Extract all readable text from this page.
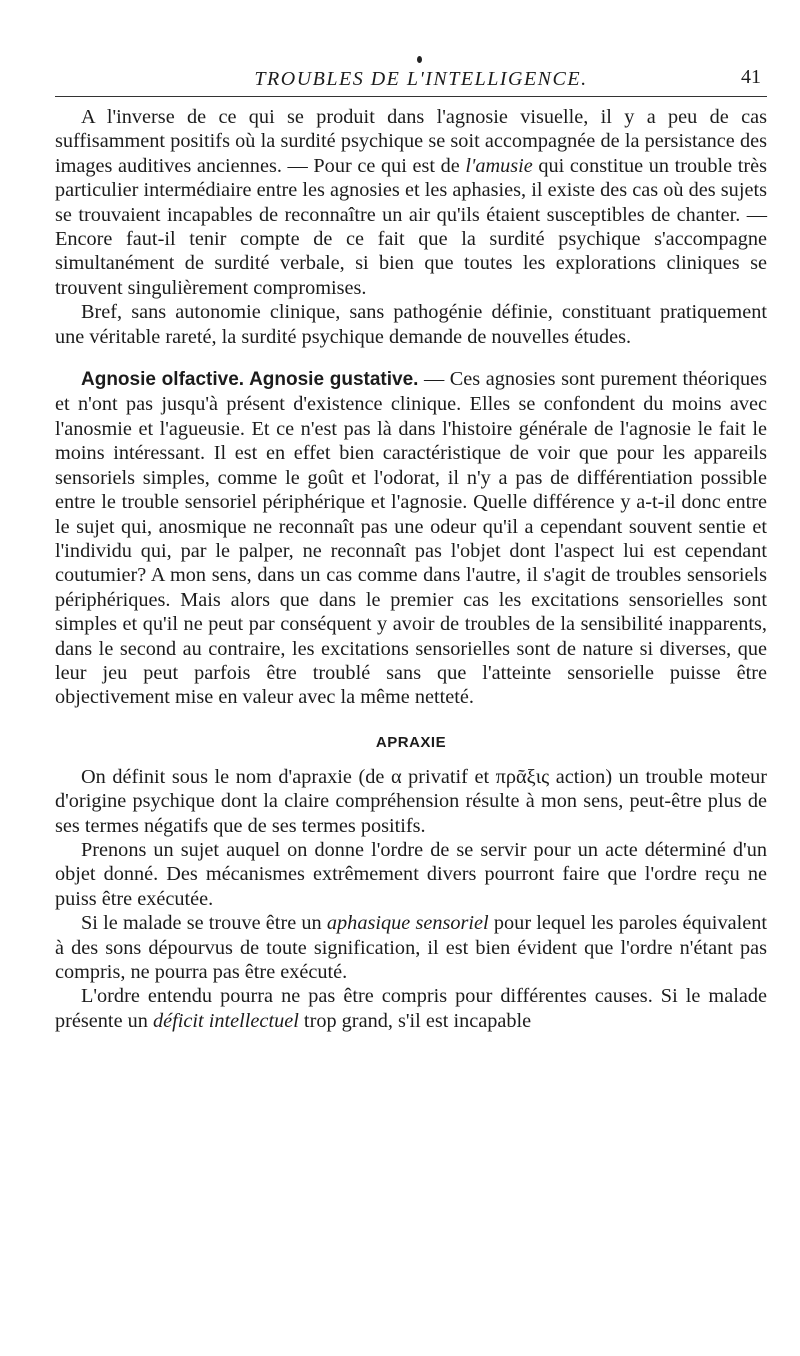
TROUBLES DE L'INTELLIGENCE.	41

A l'inverse de ce qui se produit dans l'agnosie visuelle, il y a peu de cas suffisamment positifs où la surdité psychique se soit accompagnée de la persistance des images auditives anciennes. — Pour ce qui est de l'amusie qui constitue un trouble très particulier intermédiaire entre les agnosies et les aphasies, il existe des cas où des sujets se trouvaient incapables de reconnaître un air qu'ils étaient susceptibles de chanter. — Encore faut-il tenir compte de ce fait que la surdité psychique s'accompagne simultanément de surdité verbale, si bien que toutes les explorations cliniques se trouvent singulièrement compromises.

Bref, sans autonomie clinique, sans pathogénie définie, constituant pratiquement une véritable rareté, la surdité psychique demande de nouvelles études.

Agnosie olfactive. Agnosie gustative. — Ces agnosies sont purement théoriques et n'ont pas jusqu'à présent d'existence clinique. Elles se confondent du moins avec l'anosmie et l'agueusie. Et ce n'est pas là dans l'histoire générale de l'agnosie le fait le moins intéressant. Il est en effet bien caractéristique de voir que pour les appareils sensoriels simples, comme le goût et l'odorat, il n'y a pas de différentiation possible entre le trouble sensoriel périphérique et l'agnosie. Quelle différence y a-t-il donc entre le sujet qui, anosmique ne reconnaît pas une odeur qu'il a cependant souvent sentie et l'individu qui, par le palper, ne reconnaît pas l'objet dont l'aspect lui est cependant coutumier? A mon sens, dans un cas comme dans l'autre, il s'agit de troubles sensoriels périphériques. Mais alors que dans le premier cas les excitations sensorielles sont simples et qu'il ne peut par conséquent y avoir de troubles de la sensibilité inapparents, dans le second au contraire, les excitations sensorielles sont de nature si diverses, que leur jeu peut parfois être troublé sans que l'atteinte sensorielle puisse être objectivement mise en valeur avec la même netteté.

APRAXIE

On définit sous le nom d'apraxie (de α privatif et πρᾶξις action) un trouble moteur d'origine psychique dont la claire compréhension résulte à mon sens, peut-être plus de ses termes négatifs que de ses termes positifs.

Prenons un sujet auquel on donne l'ordre de se servir pour un acte déterminé d'un objet donné. Des mécanismes extrêmement divers pourront faire que l'ordre reçu ne puiss être exécutée.

Si le malade se trouve être un aphasique sensoriel pour lequel les paroles équivalent à des sons dépourvus de toute signification, il est bien évident que l'ordre n'étant pas compris, ne pourra pas être exécuté.

L'ordre entendu pourra ne pas être compris pour différentes causes. Si le malade présente un déficit intellectuel trop grand, s'il est incapable
